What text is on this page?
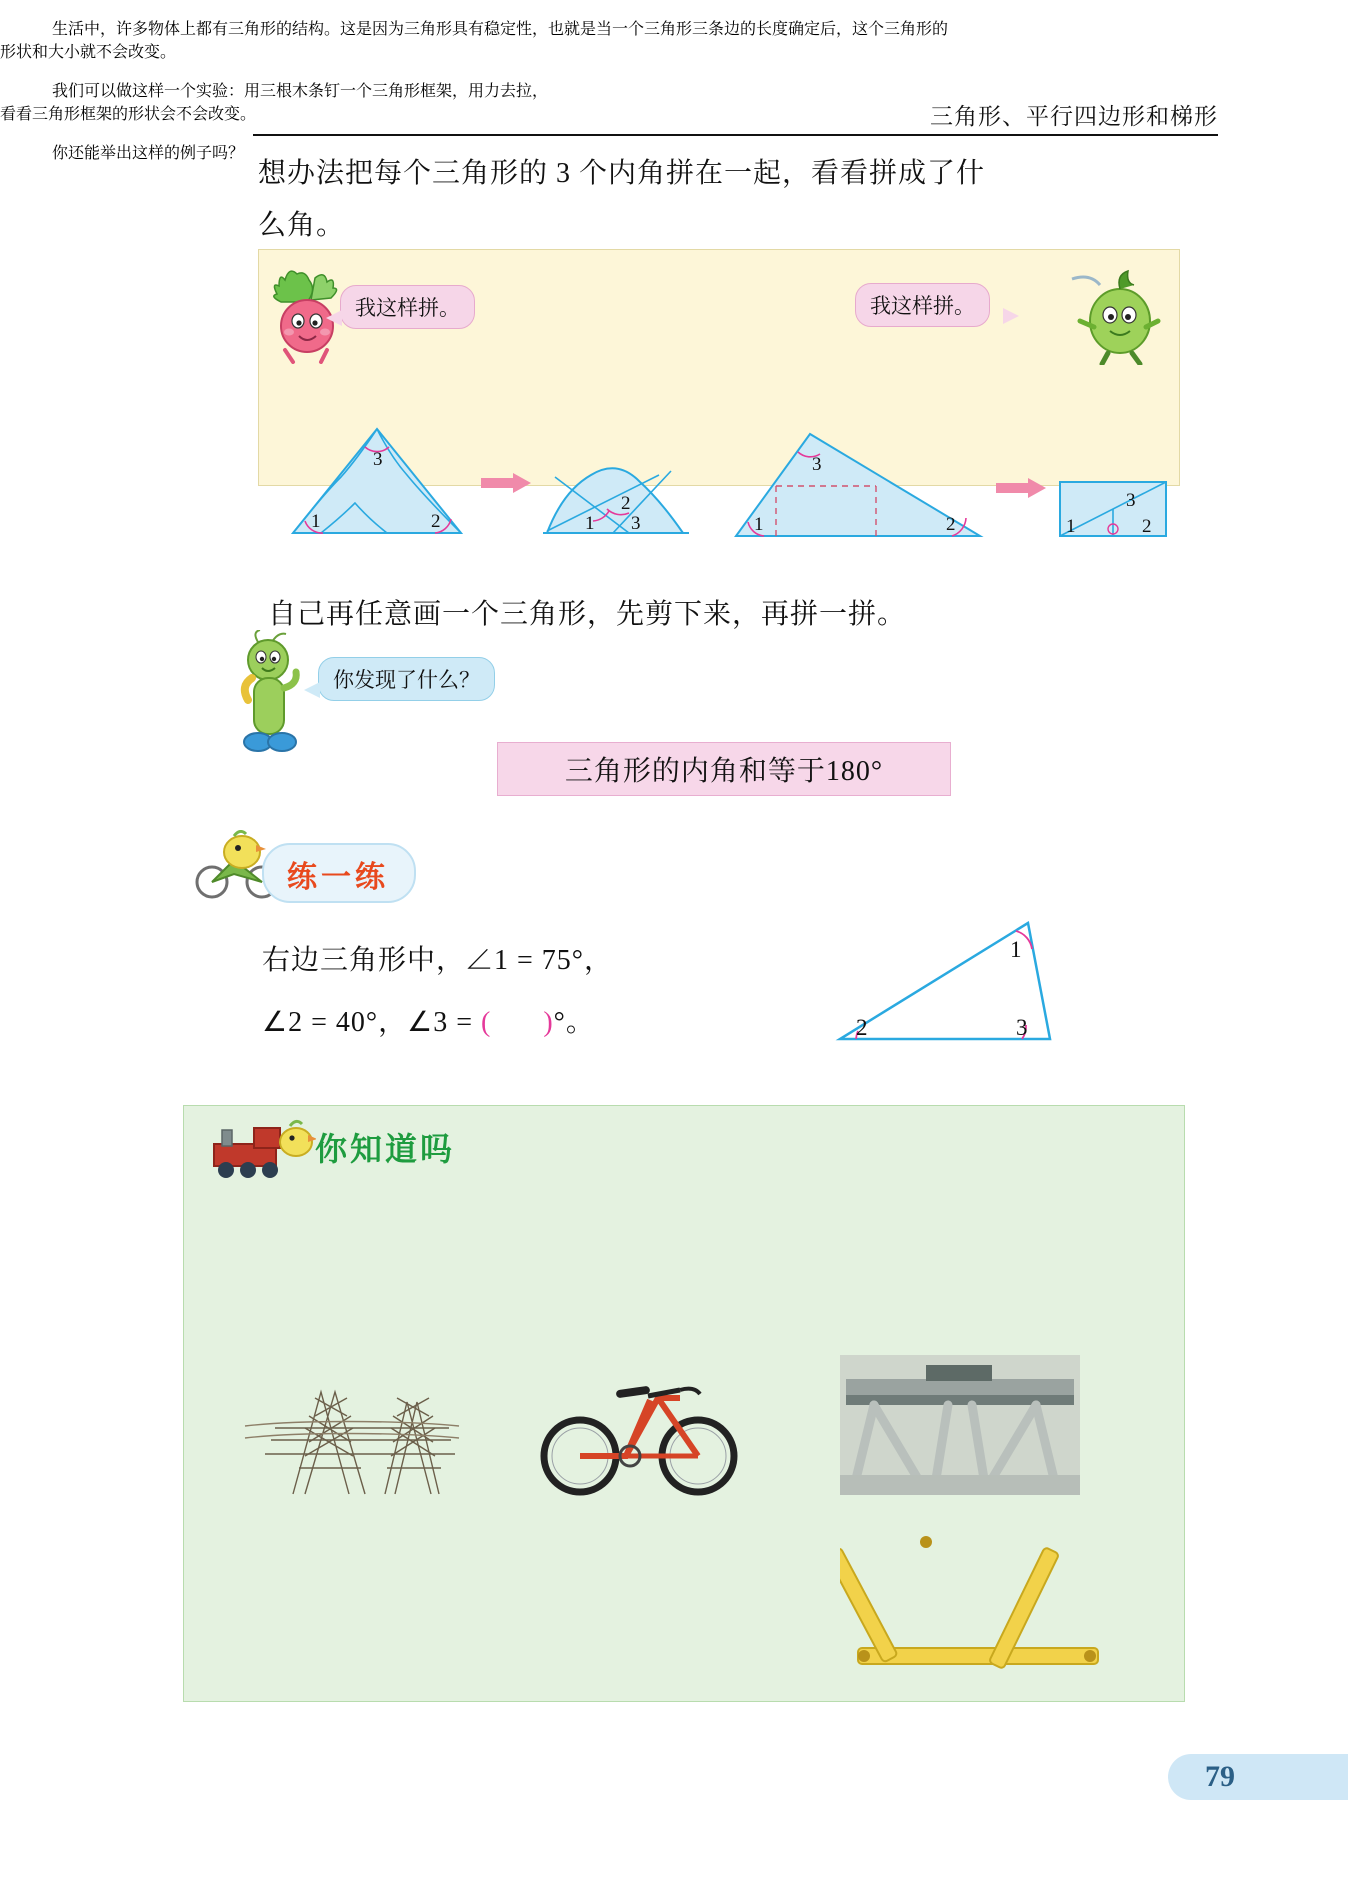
三角形、平行四边形和梯形
想办法把每个三角形的 3 个内角拼在一起，看看拼成了什
么角。
我这样拼。	我这样拼。
3
1	2
2
1 3
3
1	2	1
3
2
自己再任意画一个三角形，先剪下来，再拼一拼。
你发现了什么？
三角形的内角和等于180°
练一练
右边三角形中，∠1 = 75°，
∠2 = 40°，∠3 = ( )°。
1
2	3
你知道吗

生活中，许多物体上都有三角形的结构。这是因为三角形具有稳定性，也就是当一个三角形三条边的长度确定后，这个三角形的形状和大小就不会改变。

我们可以做这样一个实验：用三根木条钉一个三角形框架，用力去拉，看看三角形框架的形状会不会改变。

你还能举出这样的例子吗？

79
